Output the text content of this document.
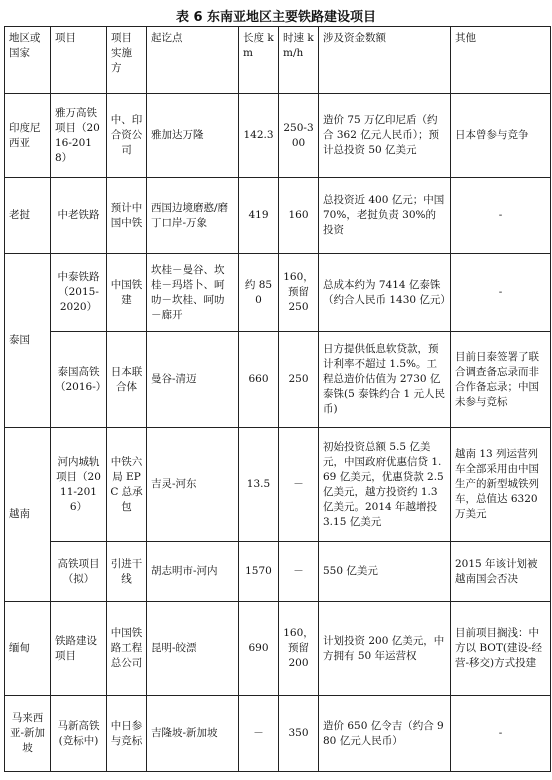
表 6 东南亚地区主要铁路建设项目
地区或国家	项目	项目实施方	起讫点	长度 km	时速 km/h	涉及资金数额	其他
印度尼西亚	雅万高铁项目（2016-2018）	中、印合资公司	雅加达万隆	142.3	250-300	造价 75 万亿印尼盾（约合 362 亿元人民币）；预计总投资 50 亿美元	日本曾参与竞争
老挝	中老铁路	预计中国中铁	西国边境磨憨/磨丁口岸-万象	419	160	总投资近 400 亿元；中国 70%，老挝负责 30%的投资	-
泰国	中泰铁路（2015-2020）	中国铁建	坎桂－曼谷、坎桂－玛塔卜、呵叻－坎桂、呵叻－廊开	约 850	160，预留 250	总成本约为 7414 亿泰铢（约合人民币 1430 亿元）	-
	泰国高铁（2016-）	日本联合体	曼谷-清迈	660	250	日方提供低息软贷款，预计利率不超过 1.5%。工程总造价估值为 2730 亿泰铢(5 泰铢约合 1 元人民币)	目前日泰签署了联合调查备忘录而非合作备忘录；中国未参与竞标
越南	河内城轨项目（2011-2016）	中铁六局 EPC 总承包	吉灵-河东	13.5	－	初始投资总额 5.5 亿美元，中国政府优惠信贷 1.69 亿美元，优惠贷款 2.5 亿美元，越方投资约 1.3 亿美元。2014 年越增投 3.15 亿美元	越南 13 列运营列车全部采用由中国生产的新型城铁列车，总值达 6320 万美元
	高铁项目（拟）	引进干线	胡志明市-河内	1570	－	550 亿美元	2015 年该计划被越南国会否决
缅甸	铁路建设项目	中国铁路工程总公司	昆明-皎漂	690	160，预留 200	计划投资 200 亿美元，中方拥有 50 年运营权	目前项目搁浅：中方以 BOT(建设-经营-移交)方式投建
马来西亚-新加坡	马新高铁(竞标中)	中日参与竞标	吉隆坡-新加坡	－	350	造价 650 亿令吉（约合 980 亿元人民币）	-
